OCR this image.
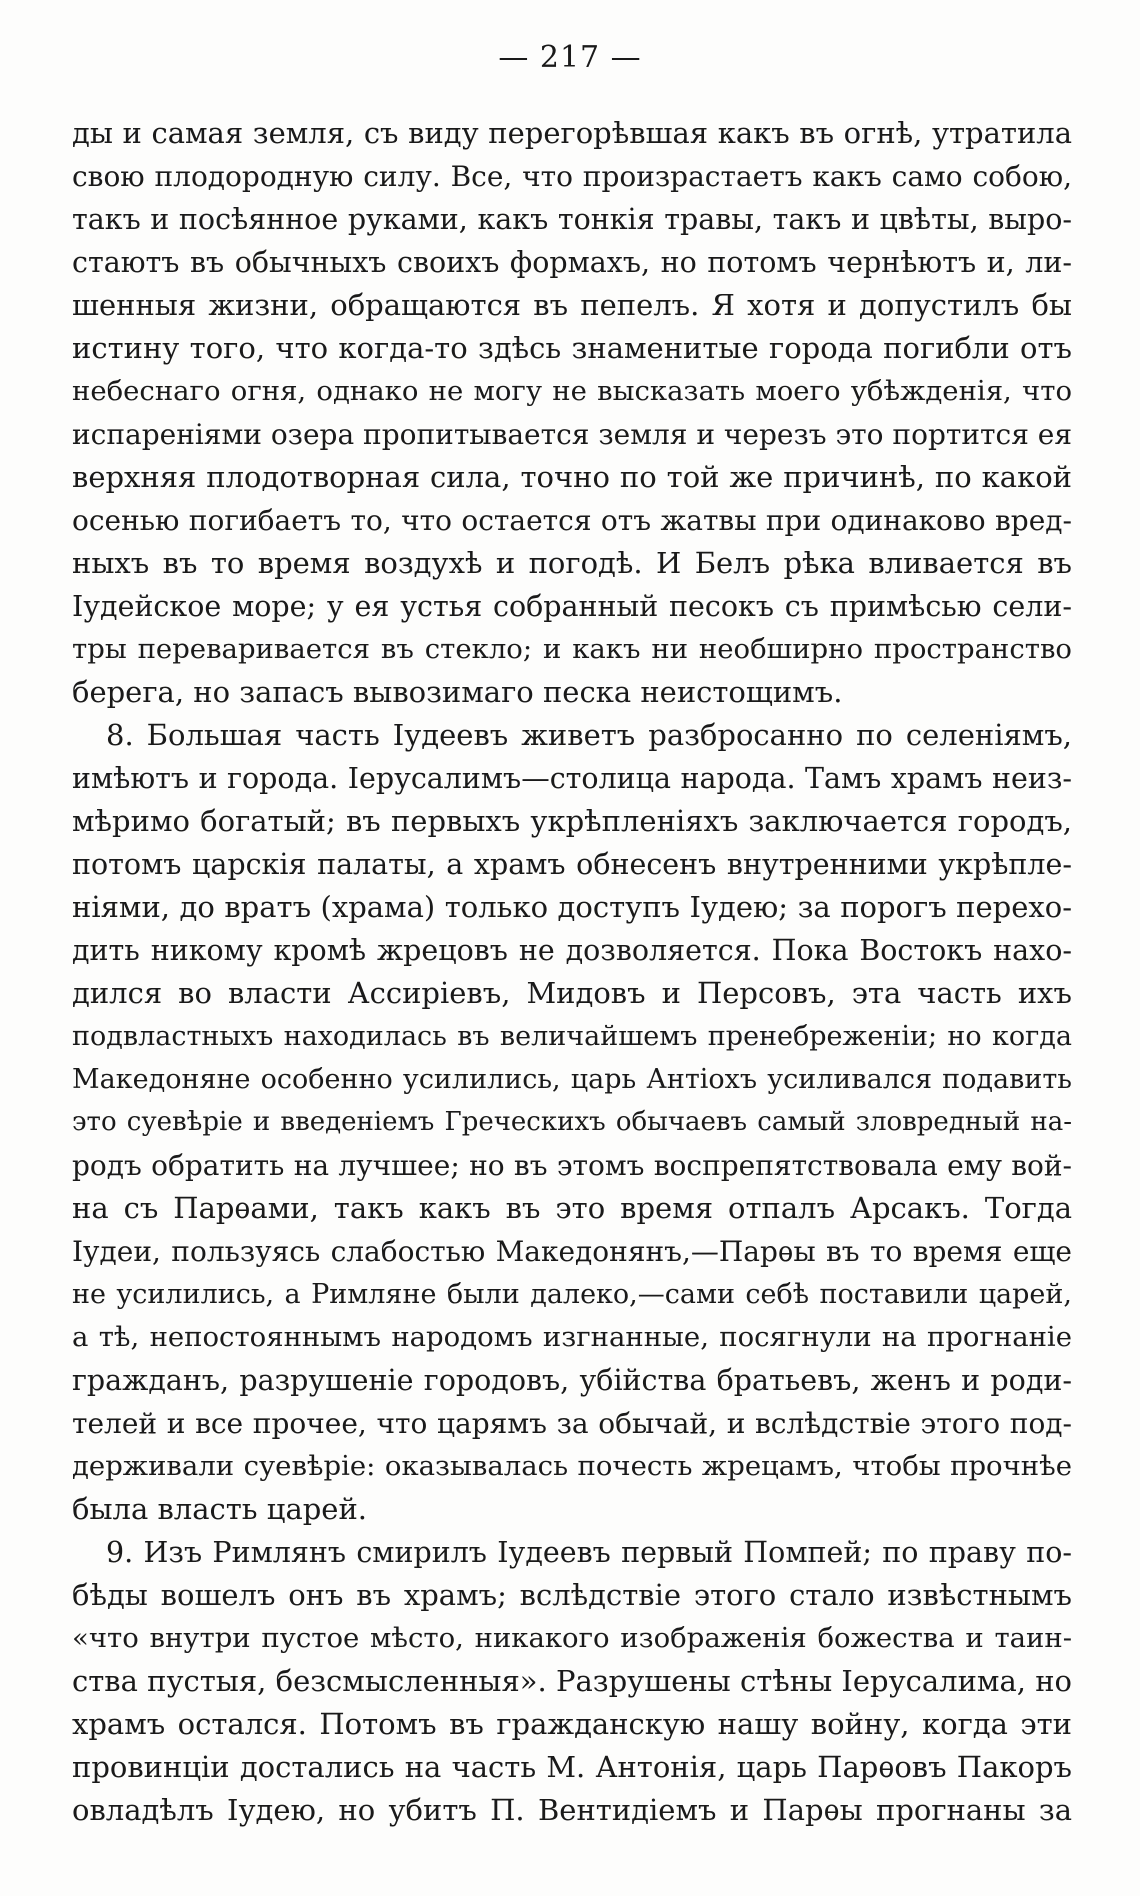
— 217 —
ды и самая земля, съ виду перегорѣвшая какъ въ огнѣ, утратила
свою плодородную силу. Все, что произрастаетъ какъ само собою,
такъ и посѣянное руками, какъ тонкія травы, такъ и цвѣты, выро-
стаютъ въ обычныхъ своихъ формахъ, но потомъ чернѣютъ и, ли-
шенныя жизни, обращаются въ пепелъ. Я хотя и допустилъ бы
истину того, что когда-то здѣсь знаменитые города погибли отъ
небеснаго огня, однако не могу не высказать моего убѣжденія, что
испареніями озера пропитывается земля и черезъ это портится ея
верхняя плодотворная сила, точно по той же причинѣ, по какой
осенью погибаетъ то, что остается отъ жатвы при одинаково вред-
ныхъ въ то время воздухѣ и погодѣ. И Белъ рѣка вливается въ
Іудейское море; у ея устья собранный песокъ съ примѣсью сели-
тры переваривается въ стекло; и какъ ни необширно пространство
берега, но запасъ вывозимаго песка неистощимъ.
8. Большая часть Іудеевъ живетъ разбросанно по селеніямъ,
имѣютъ и города. Іерусалимъ—столица народа. Тамъ храмъ неиз-
мѣримо богатый; въ первыхъ укрѣпленіяхъ заключается городъ,
потомъ царскія палаты, а храмъ обнесенъ внутренними укрѣпле-
ніями, до вратъ (храма) только доступъ Іудею; за порогъ перехо-
дить никому кромѣ жрецовъ не дозволяется. Пока Востокъ нахо-
дился во власти Ассиріевъ, Мидовъ и Персовъ, эта часть ихъ
подвластныхъ находилась въ величайшемъ пренебреженіи; но когда
Македоняне особенно усилились, царь Антіохъ усиливался подавить
это суевѣріе и введеніемъ Греческихъ обычаевъ самый зловредный на-
родъ обратить на лучшее; но въ этомъ воспрепятствовала ему вой-
на съ Парѳами, такъ какъ въ это время отпалъ Арсакъ. Тогда
Іудеи, пользуясь слабостью Македонянъ,—Парѳы въ то время еще
не усилились, а Римляне были далеко,—сами себѣ поставили царей,
а тѣ, непостояннымъ народомъ изгнанные, посягнули на прогнаніе
гражданъ, разрушеніе городовъ, убійства братьевъ, женъ и роди-
телей и все прочее, что царямъ за обычай, и вслѣдствіе этого под-
держивали суевѣріе: оказывалась почесть жрецамъ, чтобы прочнѣе
была власть царей.
9. Изъ Римлянъ смирилъ Іудеевъ первый Помпей; по праву по-
бѣды вошелъ онъ въ храмъ; вслѣдствіе этого стало извѣстнымъ
«что внутри пустое мѣсто, никакого изображенія божества и таин-
ства пустыя, безсмысленныя». Разрушены стѣны Іерусалима, но
храмъ остался. Потомъ въ гражданскую нашу войну, когда эти
провинціи достались на часть М. Антонія, царь Парѳовъ Пакоръ
овладѣлъ Іудею, но убитъ П. Вентидіемъ и Парѳы прогнаны за
